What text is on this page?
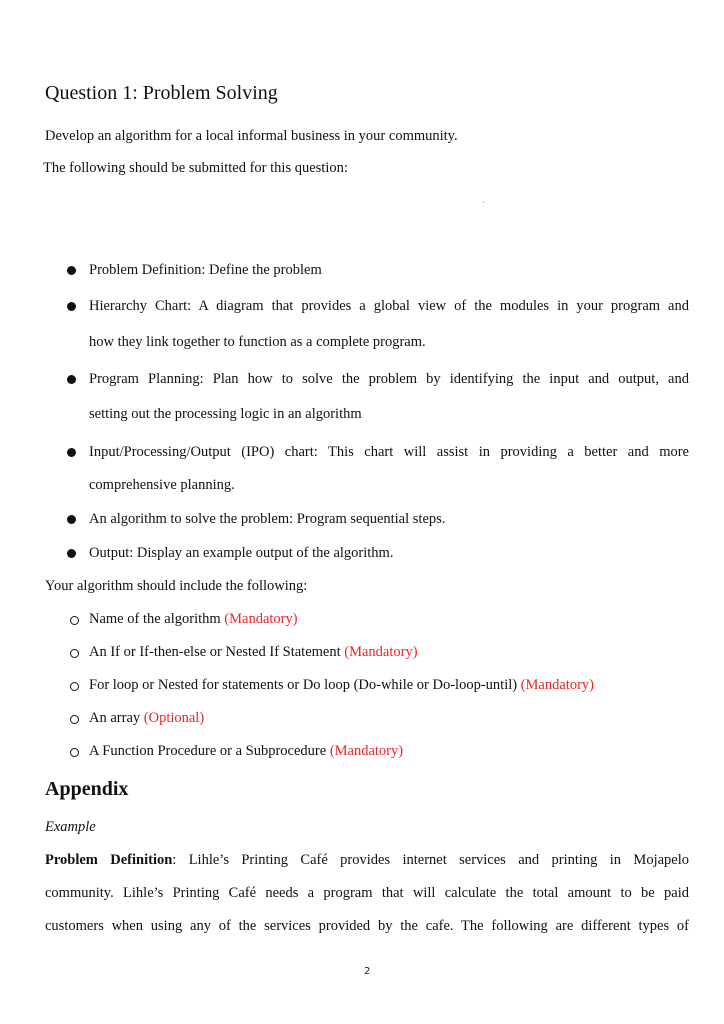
Question 1: Problem Solving
Develop an algorithm for a local informal business in your community.
The following should be submitted for this question:
˘
Problem Definition: Define the problem
Hierarchy Chart: A diagram that provides a global view of the modules in your program and
how they link together to function as a complete program.
Program Planning: Plan how to solve the problem by identifying the input and output, and
setting out the processing logic in an algorithm
Input/Processing/Output (IPO) chart: This chart will assist in providing a better and more
comprehensive planning.
An algorithm to solve the problem: Program sequential steps.
Output: Display an example output of the algorithm.
Your algorithm should include the following:
Name of the algorithm (Mandatory)
An If or If-then-else or Nested If Statement (Mandatory)
For loop or Nested for statements or Do loop (Do-while or Do-loop-until) (Mandatory)
An array (Optional)
A Function Procedure or a Subprocedure (Mandatory)
Appendix
Example
Problem Definition: Lihle’s Printing Café provides internet services and printing in Mojapelo
community. Lihle’s Printing Café needs a program that will calculate the total amount to be paid
customers when using any of the services provided by the cafe. The following are different types of
2
